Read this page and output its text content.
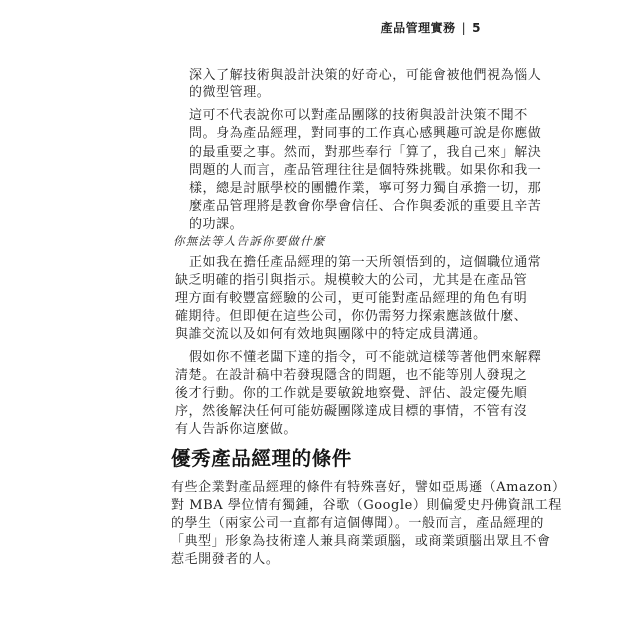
產品管理實務 | 5
深入了解技術與設計決策的好奇心，可能會被他們視為惱人
的微型管理。
這可不代表說你可以對產品團隊的技術與設計決策不聞不
問。身為產品經理，對同事的工作真心感興趣可說是你應做
的最重要之事。然而，對那些奉行「算了，我自己來」解決
問題的人而言，產品管理往往是個特殊挑戰。如果你和我一
樣，總是討厭學校的團體作業，寧可努力獨自承擔一切，那
麼產品管理將是教會你學會信任、合作與委派的重要且辛苦
的功課。
你無法等人告訴你要做什麼
正如我在擔任產品經理的第一天所領悟到的，這個職位通常
缺乏明確的指引與指示。規模較大的公司，尤其是在產品管
理方面有較豐富經驗的公司，更可能對產品經理的角色有明
確期待。但即便在這些公司，你仍需努力探索應該做什麼、
與誰交流以及如何有效地與團隊中的特定成員溝通。
假如你不懂老闆下達的指令，可不能就這樣等著他們來解釋
清楚。在設計稿中若發現隱含的問題，也不能等別人發現之
後才行動。你的工作就是要敏銳地察覺、評估、設定優先順
序，然後解決任何可能妨礙團隊達成目標的事情，不管有沒
有人告訴你這麼做。
優秀產品經理的條件
有些企業對產品經理的條件有特殊喜好，譬如亞馬遜（Amazon）
對 MBA 學位情有獨鍾，谷歌（Google）則偏愛史丹佛資訊工程
的學生（兩家公司一直都有這個傳聞）。一般而言，產品經理的
「典型」形象為技術達人兼具商業頭腦，或商業頭腦出眾且不會
惹毛開發者的人。
